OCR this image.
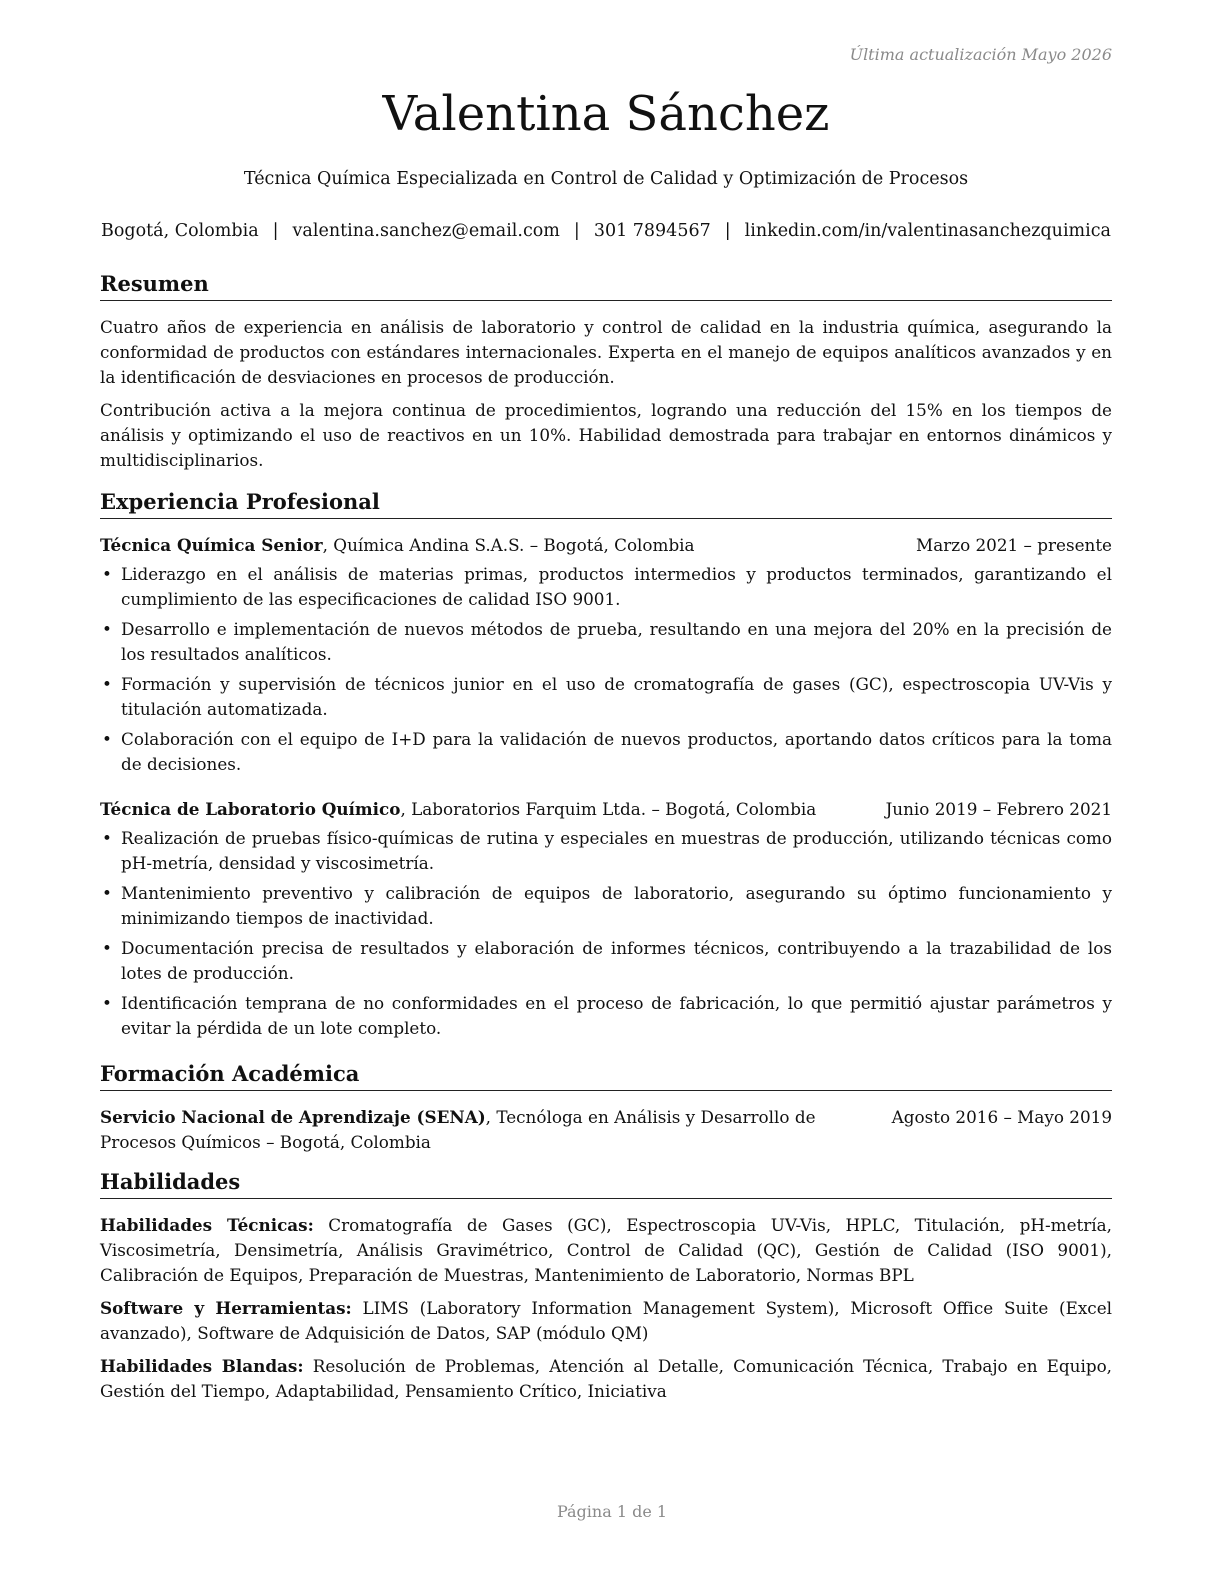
Última actualización Mayo 2026
Valentina Sánchez
Técnica Química Especializada en Control de Calidad y Optimización de Procesos
Bogotá, Colombia | valentina.sanchez@email.com | 301 7894567 | linkedin.com/in/valentinasanchezquimica
Resumen

Cuatro años de experiencia en análisis de laboratorio y control de calidad en la industria química, asegurando la conformidad de productos con estándares internacionales. Experta en el manejo de equipos analíticos avanzados y en la identificación de desviaciones en procesos de producción.

Contribución activa a la mejora continua de procedimientos, logrando una reducción del 15% en los tiempos de análisis y optimizando el uso de reactivos en un 10%. Habilidad demostrada para trabajar en entornos dinámicos y multidisciplinarios.

Experiencia Profesional
Técnica Química Senior, Química Andina S.A.S. – Bogotá, Colombia	Marzo 2021 – presente
• Liderazgo en el análisis de materias primas, productos intermedios y productos terminados, garantizando el cumplimiento de las especificaciones de calidad ISO 9001.
• Desarrollo e implementación de nuevos métodos de prueba, resultando en una mejora del 20% en la precisión de los resultados analíticos.
• Formación y supervisión de técnicos junior en el uso de cromatografía de gases (GC), espectroscopia UV-Vis y titulación automatizada.
• Colaboración con el equipo de I+D para la validación de nuevos productos, aportando datos críticos para la toma de decisiones.
Técnica de Laboratorio Químico, Laboratorios Farquim Ltda. – Bogotá, Colombia	Junio 2019 – Febrero 2021
• Realización de pruebas físico-químicas de rutina y especiales en muestras de producción, utilizando técnicas como pH-metría, densidad y viscosimetría.
• Mantenimiento preventivo y calibración de equipos de laboratorio, asegurando su óptimo funcionamiento y minimizando tiempos de inactividad.
• Documentación precisa de resultados y elaboración de informes técnicos, contribuyendo a la trazabilidad de los lotes de producción.
• Identificación temprana de no conformidades en el proceso de fabricación, lo que permitió ajustar parámetros y evitar la pérdida de un lote completo.
Formación Académica
Servicio Nacional de Aprendizaje (SENA), Tecnóloga en Análisis y Desarrollo de Procesos Químicos – Bogotá, Colombia
Agosto 2016 – Mayo 2019
Habilidades

Habilidades Técnicas: Cromatografía de Gases (GC), Espectroscopia UV-Vis, HPLC, Titulación, pH-metría, Viscosimetría, Densimetría, Análisis Gravimétrico, Control de Calidad (QC), Gestión de Calidad (ISO 9001), Calibración de Equipos, Preparación de Muestras, Mantenimiento de Laboratorio, Normas BPL

Software y Herramientas: LIMS (Laboratory Information Management System), Microsoft Office Suite (Excel avanzado), Software de Adquisición de Datos, SAP (módulo QM)

Habilidades Blandas: Resolución de Problemas, Atención al Detalle, Comunicación Técnica, Trabajo en Equipo, Gestión del Tiempo, Adaptabilidad, Pensamiento Crítico, Iniciativa

Página 1 de 1
